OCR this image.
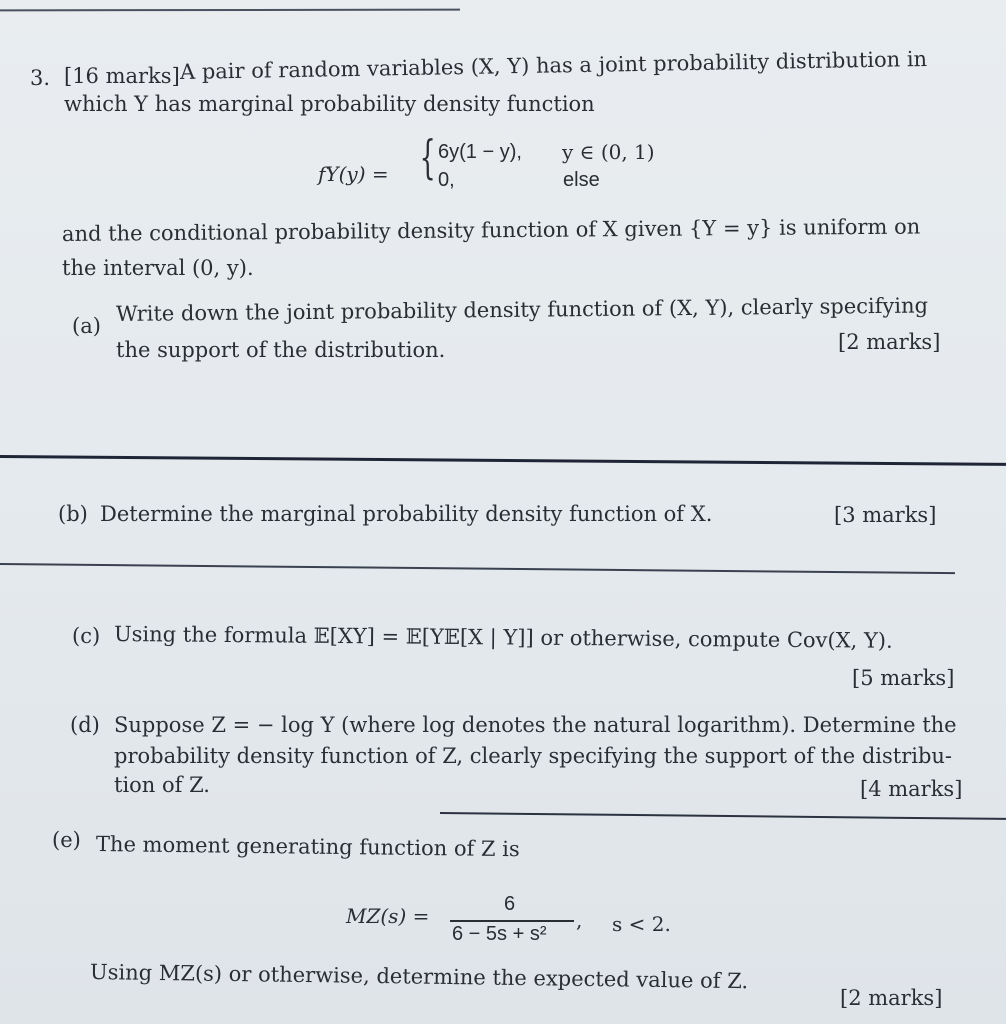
3. [16 marks] A pair of random variables (X, Y) has a joint probability distribution in
which Y has marginal probability density function
fY(y) = { 6y(1 − y), y ∈ (0, 1)
0,	else
and the conditional probability density function of X given {Y = y} is uniform on
the interval (0, y).
(a)
Write down the joint probability density function of (X, Y), clearly specifying
the support of the distribution.	[2 marks]
(b) Determine the marginal probability density function of X.	[3 marks]
(c) Using the formula 𝔼[XY] = 𝔼[Y𝔼[X | Y]] or otherwise, compute Cov(X, Y).
[5 marks]
(d) Suppose Z = − log Y (where log denotes the natural logarithm). Determine the
probability density function of Z, clearly specifying the support of the distribu-
tion of Z.	[4 marks]
(e) The moment generating function of Z is
MZ(s) =	6
6 − 5s + s²
, s < 2.
Using MZ(s) or otherwise, determine the expected value of Z.
[2 marks]
